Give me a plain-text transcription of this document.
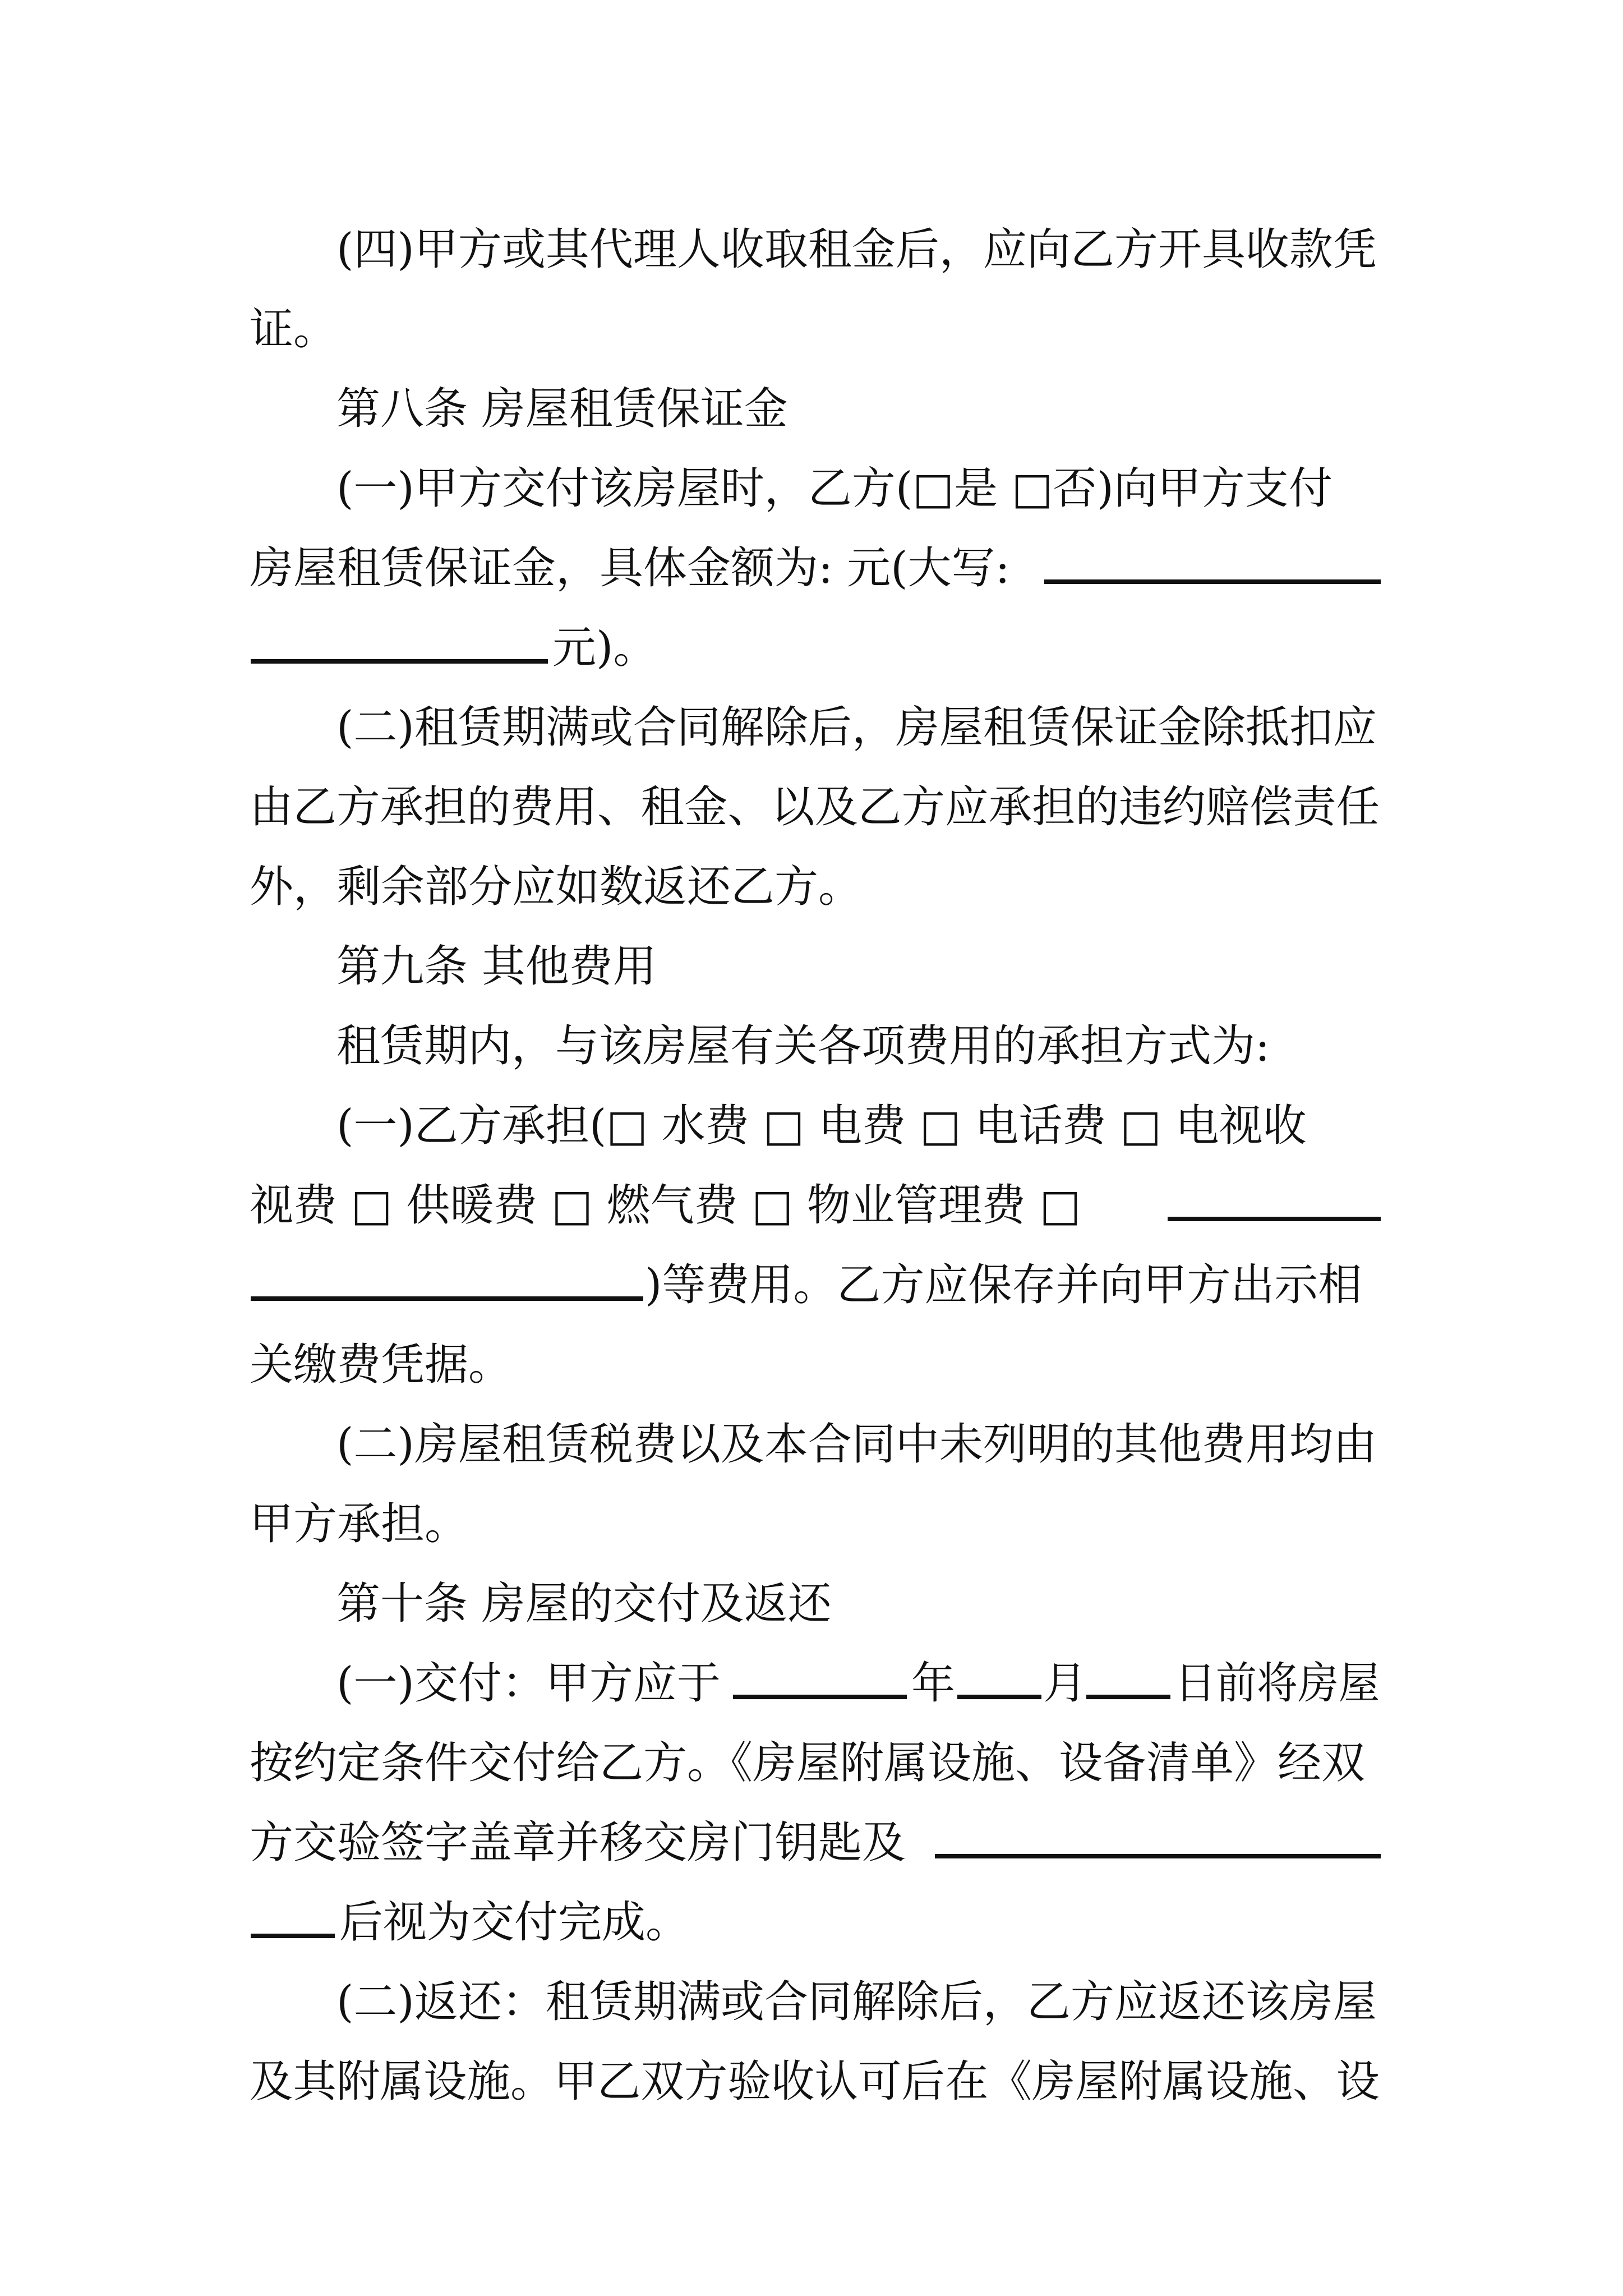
(四)甲方或其代理人收取租金后，应向乙方开具收款凭
证。
第八条 房屋租赁保证金
(一)甲方交付该房屋时，乙方(□是 □否)向甲方支付
房屋租赁保证金，具体金额为: 元(大写:
元)。
(二)租赁期满或合同解除后，房屋租赁保证金除抵扣应
由乙方承担的费用、租金、以及乙方应承担的违约赔偿责任
外，剩余部分应如数返还乙方。
第九条 其他费用
租赁期内，与该房屋有关各项费用的承担方式为:
(一)乙方承担(□ 水费 □ 电费 □ 电话费 □ 电视收
视费 □ 供暖费 □ 燃气费 □ 物业管理费 □
)等费用。乙方应保存并向甲方出示相
关缴费凭据。
(二)房屋租赁税费以及本合同中未列明的其他费用均由
甲方承担。
第十条 房屋的交付及返还
(一)交付：甲方应于	年 月 日前将房屋
按约定条件交付给乙方。《房屋附属设施、设备清单》经双
方交验签字盖章并移交房门钥匙及
后视为交付完成。
(二)返还：租赁期满或合同解除后，乙方应返还该房屋
及其附属设施。甲乙双方验收认可后在《房屋附属设施、设
